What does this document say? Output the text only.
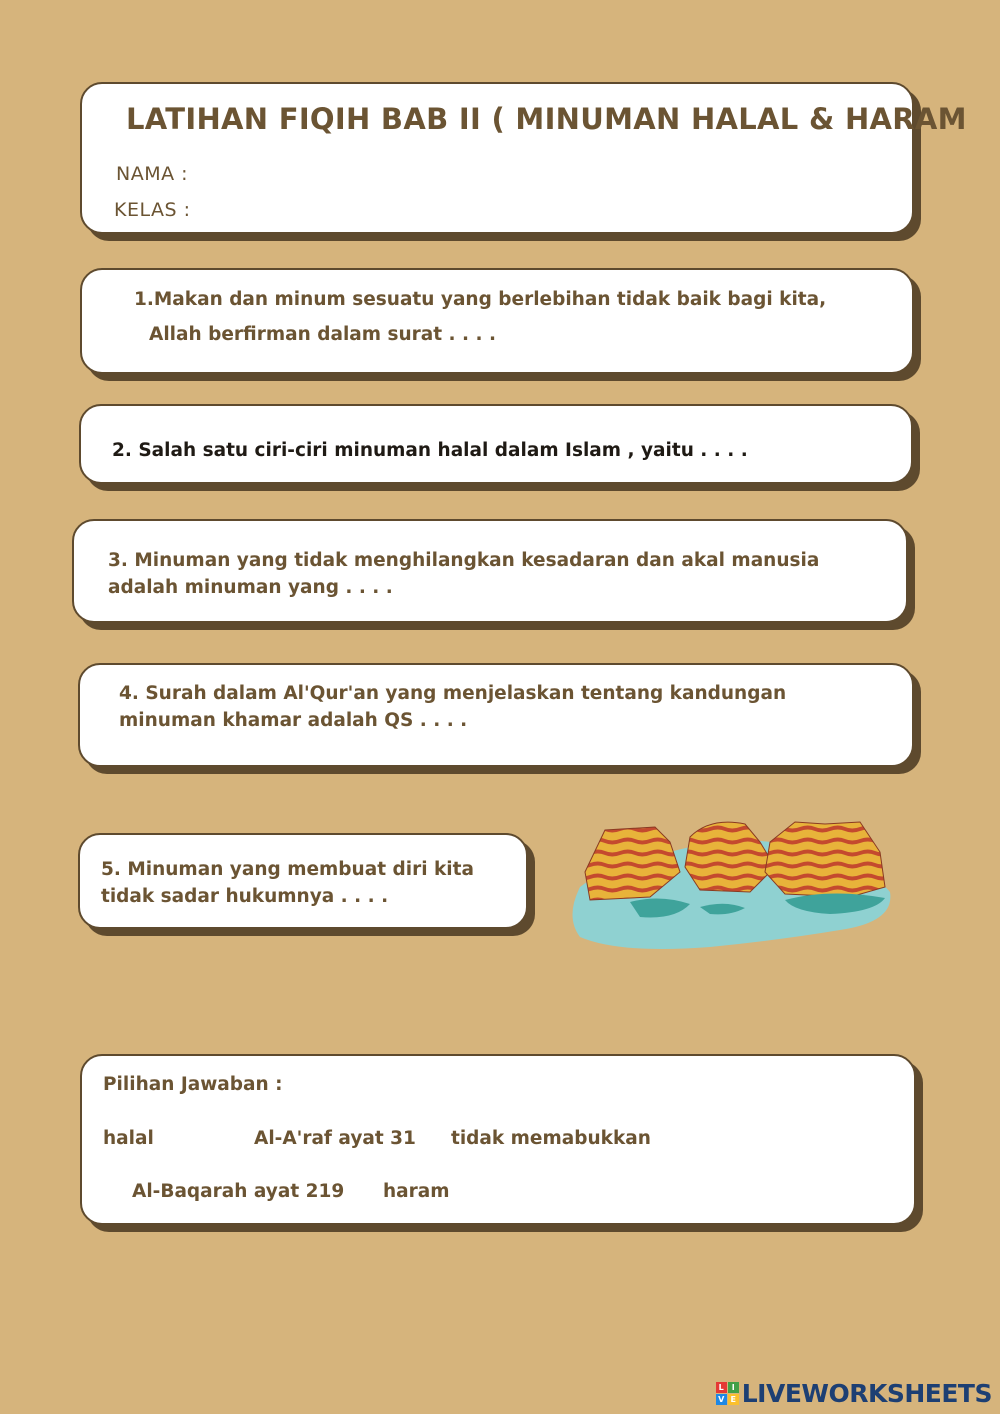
LATIHAN FIQIH BAB II ( MINUMAN HALAL & HARAM
NAMA :
KELAS :
1.Makan dan minum sesuatu yang berlebihan tidak baik bagi kita,
Allah berfirman dalam surat . . . .
2. Salah satu ciri-ciri minuman halal dalam Islam , yaitu . . . .
3. Minuman yang tidak menghilangkan kesadaran dan akal manusia
adalah minuman yang . . . .
4. Surah dalam Al'Qur'an yang menjelaskan tentang kandungan
minuman khamar adalah QS . . . .
5. Minuman yang membuat diri kita
tidak sadar hukumnya . . . .
Pilihan Jawaban :
halal	Al-A'raf ayat 31 tidak memabukkan
Al-Baqarah ayat 219 haram
L I
V E LIVEWORKSHEETS
